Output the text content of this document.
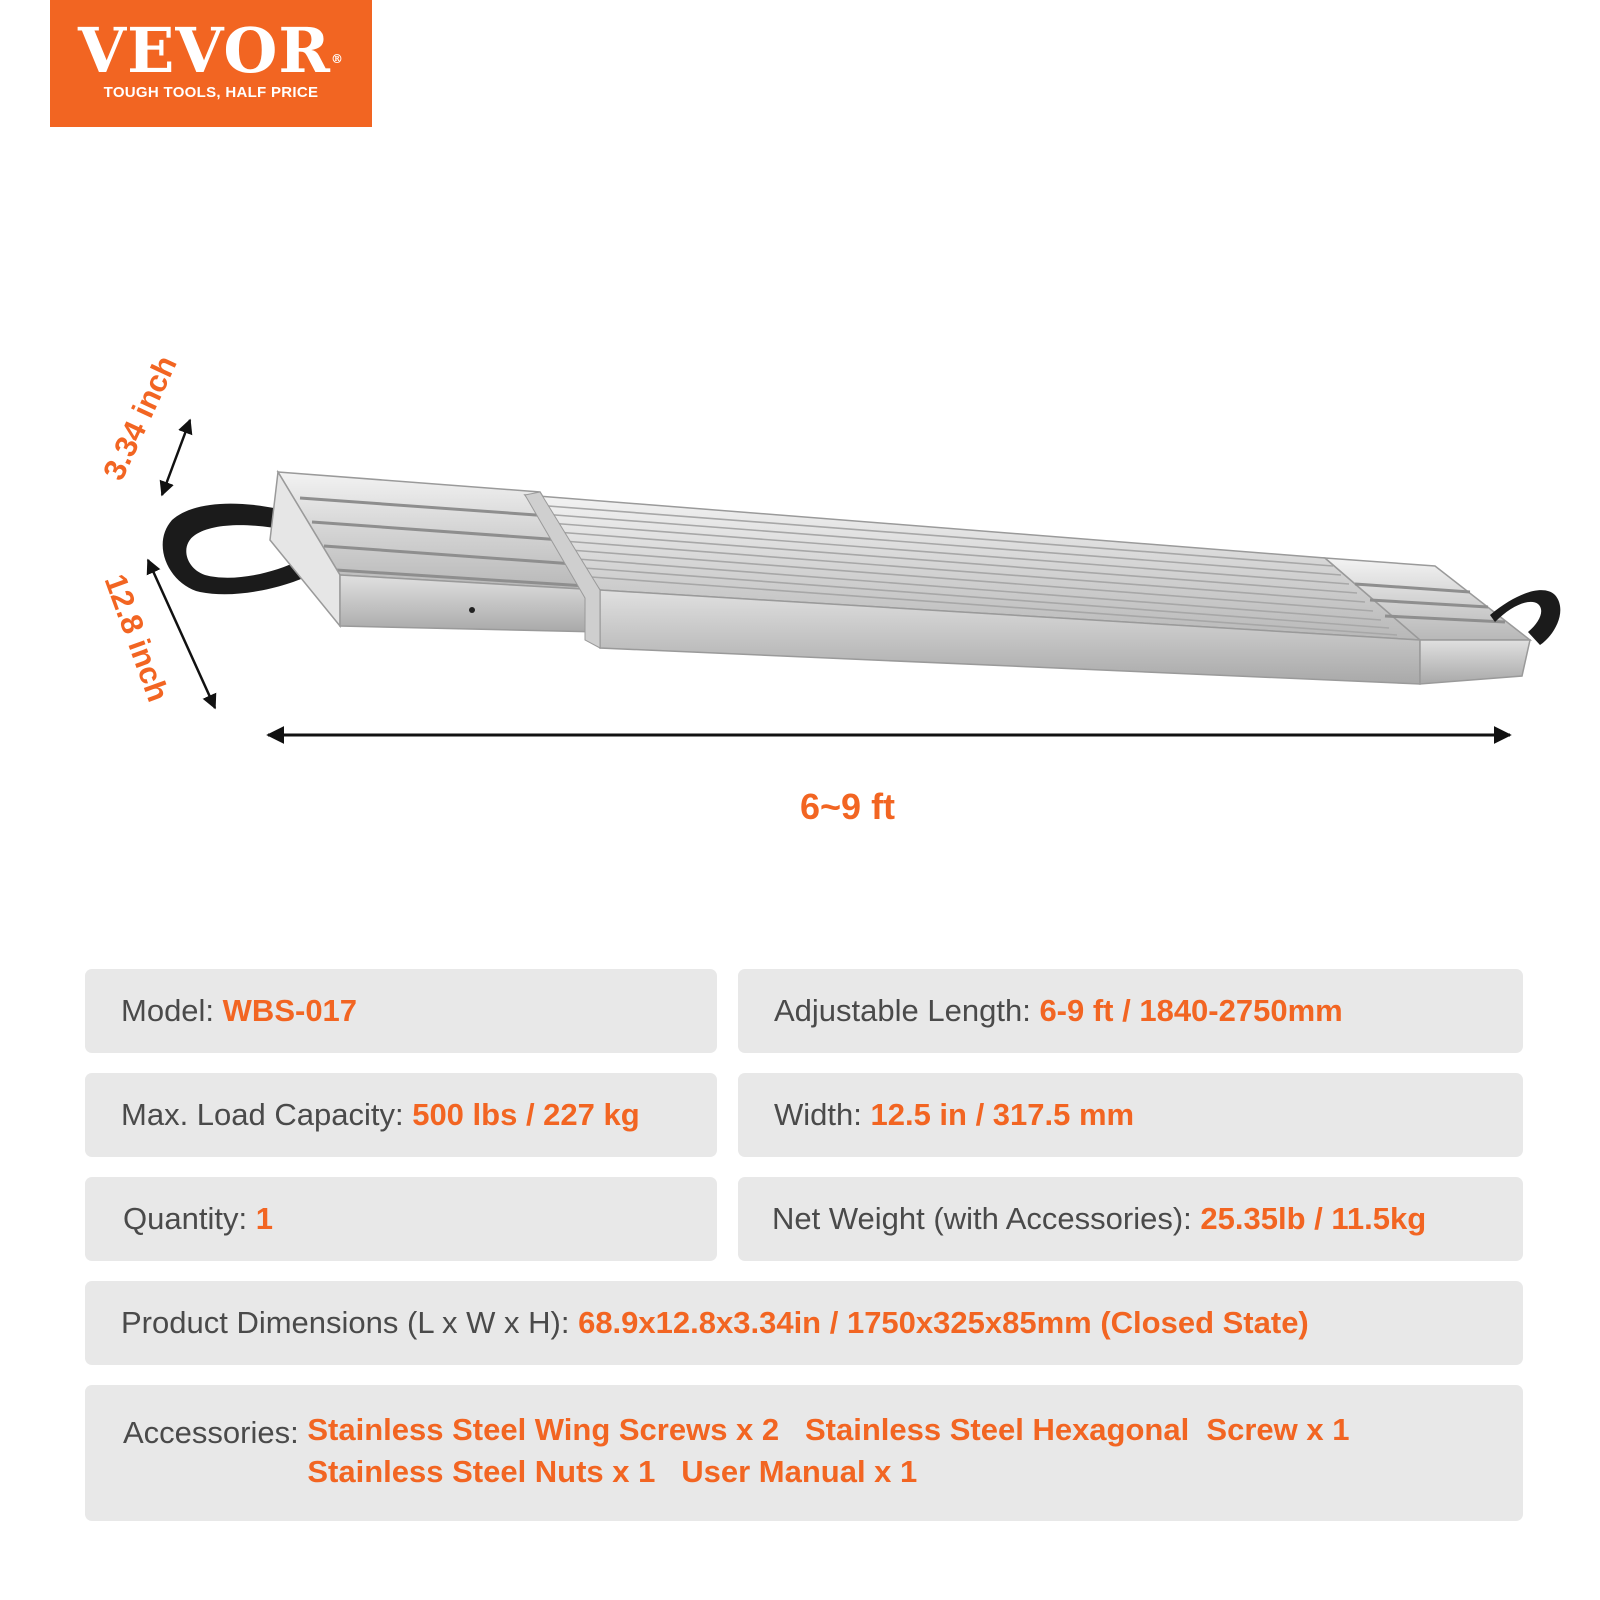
VEVOR®
TOUGH TOOLS, HALF PRICE
3.34 inch
12.8 inch
6~9 ft
Model: WBS-017	Adjustable Length: 6-9 ft / 1840-2750mm
Max. Load Capacity: 500 lbs / 227 kg	Width: 12.5 in / 317.5 mm
Quantity: 1	Net Weight (with Accessories): 25.35lb / 11.5kg
Product Dimensions (L x W x H): 68.9x12.8x3.34in / 1750x325x85mm (Closed State)
Accessories: Stainless Steel Wing Screws x 2   Stainless Steel Hexagonal  Screw x 1
Stainless Steel Nuts x 1   User Manual x 1
